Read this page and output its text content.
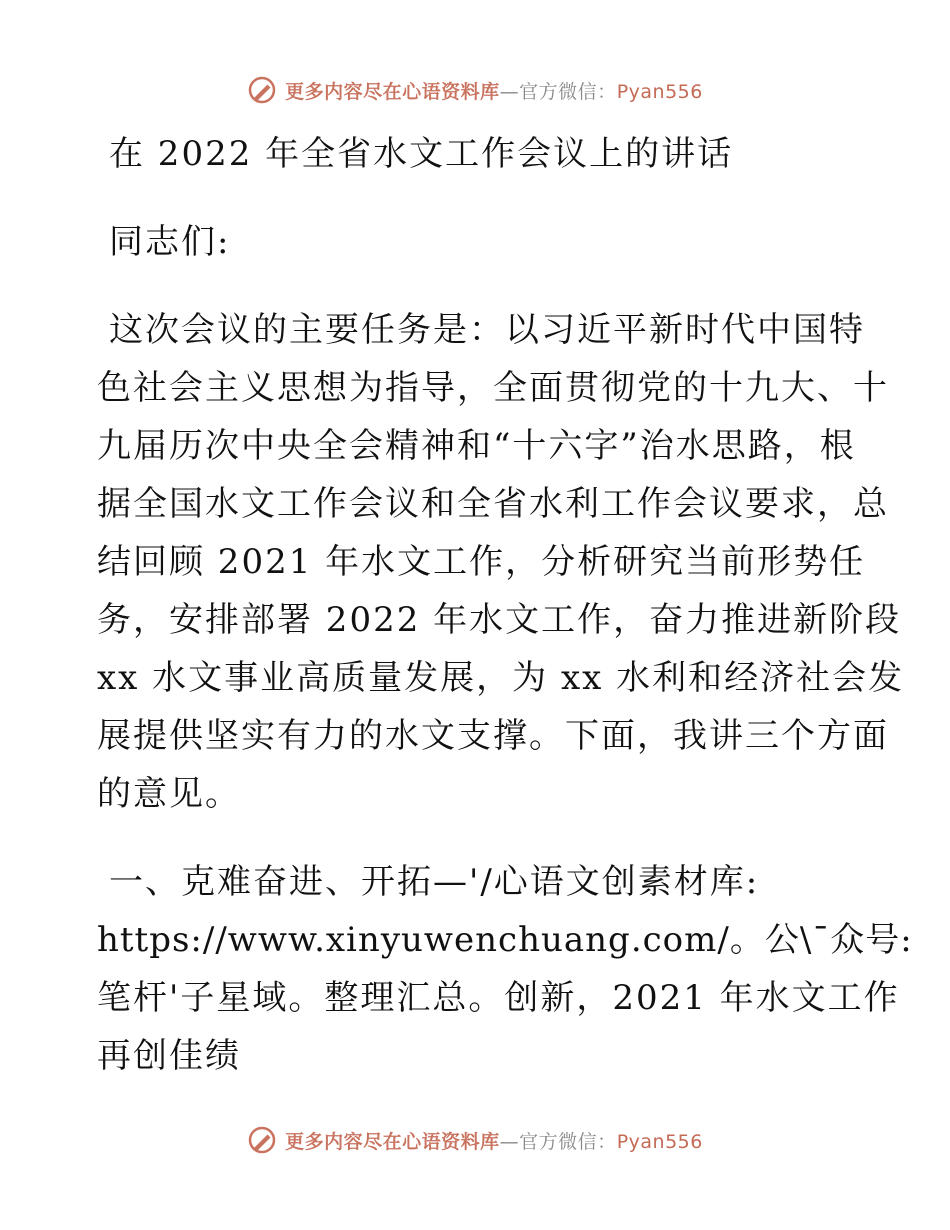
更多内容尽在心语资料库—官方微信：Pyan556
在 2022 年全省水文工作会议上的讲话
同志们:
这次会议的主要任务是：以习近平新时代中国特
色社会主义思想为指导，全面贯彻党的十九大、十
九届历次中央全会精神和“十六字”治水思路，根
据全国水文工作会议和全省水利工作会议要求，总
结回顾 2021 年水文工作，分析研究当前形势任
务，安排部署 2022 年水文工作，奋力推进新阶段
xx 水文事业高质量发展，为 xx 水利和经济社会发
展提供坚实有力的水文支撑。下面，我讲三个方面
的意见。
一、克难奋进、开拓—'/心语文创素材库:
https://www.xinyuwenchuang.com/。公\¯众号:
笔杆'子星域。整理汇总。创新，2021 年水文工作
再创佳绩
更多内容尽在心语资料库—官方微信：Pyan556
